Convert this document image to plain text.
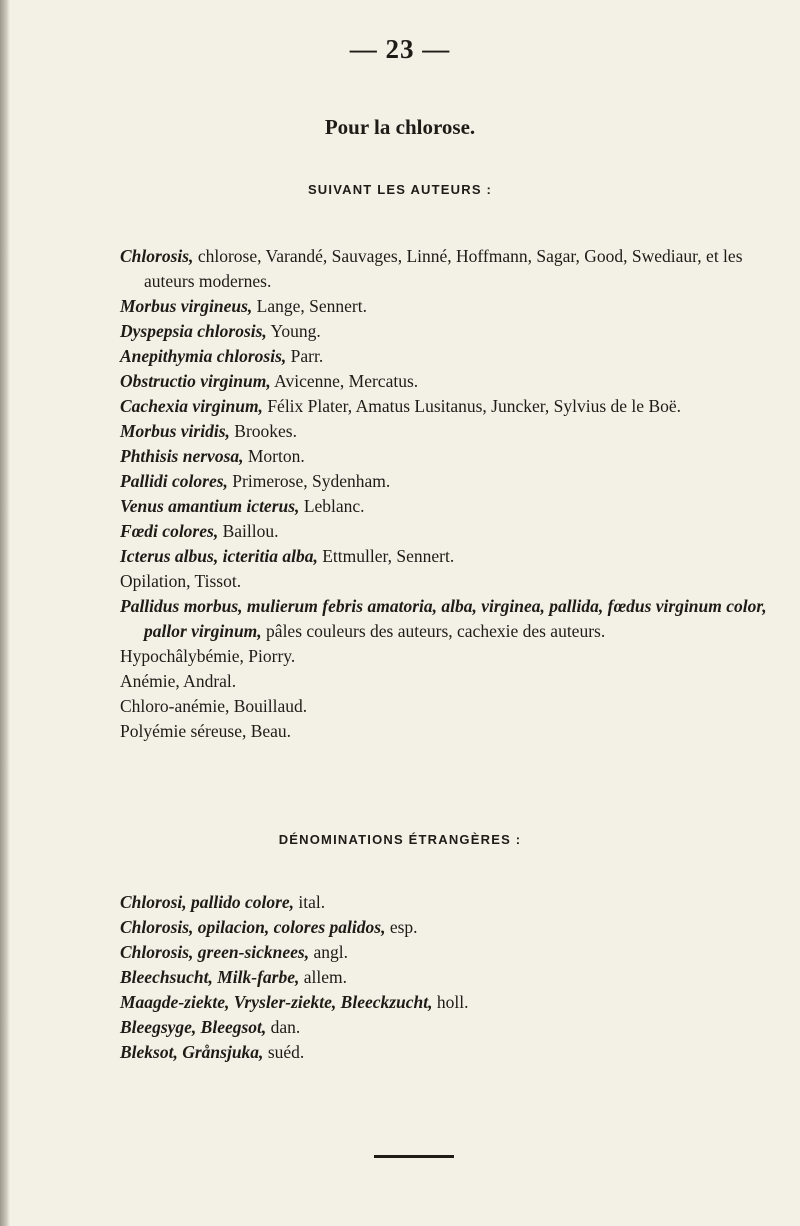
— 23 —
Pour la chlorose.
SUIVANT LES AUTEURS :
Chlorosis, chlorose, Varandé, Sauvages, Linné, Hoffmann, Sagar, Good, Swediaur, et les auteurs modernes.
Morbus virgineus, Lange, Sennert.
Dyspepsia chlorosis, Young.
Anepithymia chlorosis, Parr.
Obstructio virginum, Avicenne, Mercatus.
Cachexia virginum, Félix Plater, Amatus Lusitanus, Juncker, Sylvius de le Boë.
Morbus viridis, Brookes.
Phthisis nervosa, Morton.
Pallidi colores, Primerose, Sydenham.
Venus amantium icterus, Leblanc.
Fœdi colores, Baillou.
Icterus albus, icteritia alba, Ettmuller, Sennert.
Opilation, Tissot.
Pallidus morbus, mulierum febris amatoria, alba, virginea, pallida, fœdus virginum color, pallor virginum, pâles couleurs des auteurs, cachexie des auteurs.
Hypochâlybémie, Piorry.
Anémie, Andral.
Chloro-anémie, Bouillaud.
Polyémie séreuse, Beau.
DÉNOMINATIONS ÉTRANGÈRES :
Chlorosi, pallido colore, ital.
Chlorosis, opilacion, colores palidos, esp.
Chlorosis, green-sicknees, angl.
Bleechsucht, Milk-farbe, allem.
Maagde-ziekte, Vrysler-ziekte, Bleeckzucht, holl.
Bleegsyge, Bleegsot, dan.
Bleksot, Grånsjuka, suéd.
